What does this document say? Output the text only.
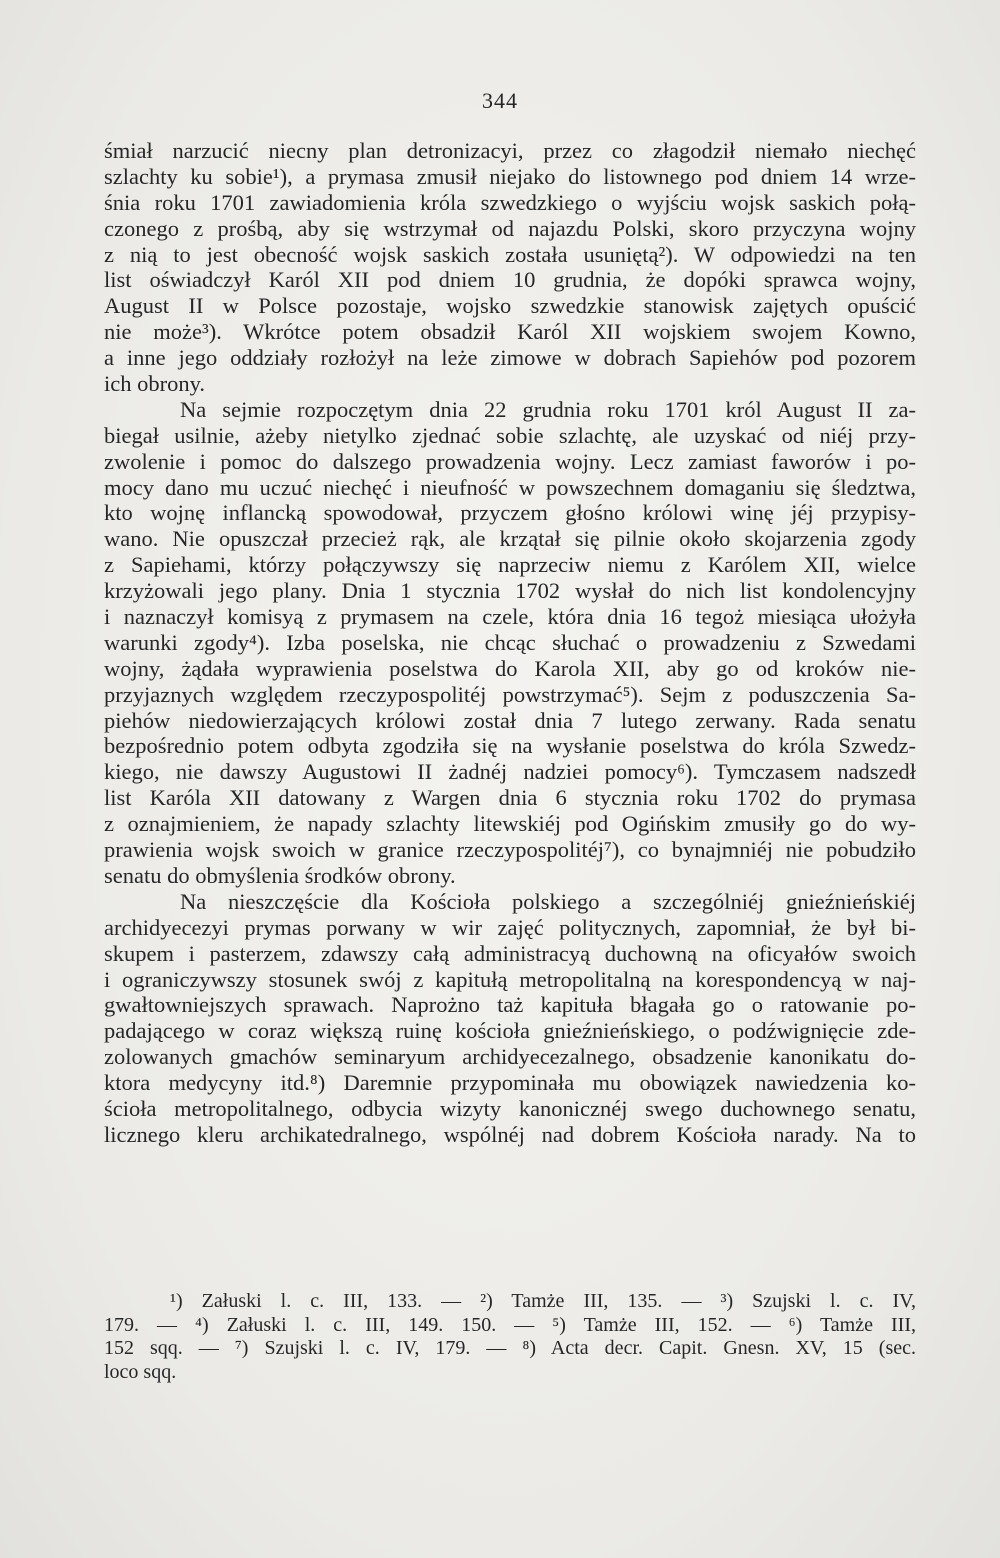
344
śmiał narzucić niecny plan detronizacyi, przez co złagodził niemało niechęć
szlachty ku sobie¹), a prymasa zmusił niejako do listownego pod dniem 14 wrze-
śnia roku 1701 zawiadomienia króla szwedzkiego o wyjściu wojsk saskich połą-
czonego z prośbą, aby się wstrzymał od najazdu Polski, skoro przyczyna wojny
z nią to jest obecność wojsk saskich została usuniętą²). W odpowiedzi na ten
list oświadczył Karól XII pod dniem 10 grudnia, że dopóki sprawca wojny,
August II w Polsce pozostaje, wojsko szwedzkie stanowisk zajętych opuścić
nie może³). Wkrótce potem obsadził Karól XII wojskiem swojem Kowno,
a inne jego oddziały rozłożył na leże zimowe w dobrach Sapiehów pod pozorem
ich obrony.
Na sejmie rozpoczętym dnia 22 grudnia roku 1701 król August II za-
biegał usilnie, ażeby nietylko zjednać sobie szlachtę, ale uzyskać od niéj przy-
zwolenie i pomoc do dalszego prowadzenia wojny. Lecz zamiast faworów i po-
mocy dano mu uczuć niechęć i nieufność w powszechnem domaganiu się śledztwa,
kto wojnę inflancką spowodował, przyczem głośno królowi winę jéj przypisy-
wano. Nie opuszczał przecież rąk, ale krzątał się pilnie około skojarzenia zgody
z Sapiehami, którzy połączywszy się naprzeciw niemu z Karólem XII, wielce
krzyżowali jego plany. Dnia 1 stycznia 1702 wysłał do nich list kondolencyjny
i naznaczył komisyą z prymasem na czele, która dnia 16 tegoż miesiąca ułożyła
warunki zgody⁴). Izba poselska, nie chcąc słuchać o prowadzeniu z Szwedami
wojny, żądała wyprawienia poselstwa do Karola XII, aby go od kroków nie-
przyjaznych względem rzeczypospolitéj powstrzymać⁵). Sejm z poduszczenia Sa-
piehów niedowierzających królowi został dnia 7 lutego zerwany. Rada senatu
bezpośrednio potem odbyta zgodziła się na wysłanie poselstwa do króla Szwedz-
kiego, nie dawszy Augustowi II żadnéj nadziei pomocy⁶). Tymczasem nadszedł
list Karóla XII datowany z Wargen dnia 6 stycznia roku 1702 do prymasa
z oznajmieniem, że napady szlachty litewskiéj pod Ogińskim zmusiły go do wy-
prawienia wojsk swoich w granice rzeczypospolitéj⁷), co bynajmniéj nie pobudziło
senatu do obmyślenia środków obrony.
Na nieszczęście dla Kościoła polskiego a szczególniéj gnieźnieńskiéj
archidyecezyi prymas porwany w wir zajęć politycznych, zapomniał, że był bi-
skupem i pasterzem, zdawszy całą administracyą duchowną na oficyałów swoich
i ograniczywszy stosunek swój z kapitułą metropolitalną na korespondencyą w naj-
gwałtowniejszych sprawach. Naprożno taż kapituła błagała go o ratowanie po-
padającego w coraz większą ruinę kościoła gnieźnieńskiego, o podźwignięcie zde-
zolowanych gmachów seminaryum archidyecezalnego, obsadzenie kanonikatu do-
ktora medycyny itd.⁸) Daremnie przypominała mu obowiązek nawiedzenia ko-
ścioła metropolitalnego, odbycia wizyty kanonicznéj swego duchownego senatu,
licznego kleru archikatedralnego, wspólnéj nad dobrem Kościoła narady. Na to
¹) Załuski l. c. III, 133. — ²) Tamże III, 135. — ³) Szujski l. c. IV,
179. — ⁴) Załuski l. c. III, 149. 150. — ⁵) Tamże III, 152. — ⁶) Tamże III,
152 sqq. — ⁷) Szujski l. c. IV, 179. — ⁸) Acta decr. Capit. Gnesn. XV, 15 (sec.
loco sqq.
